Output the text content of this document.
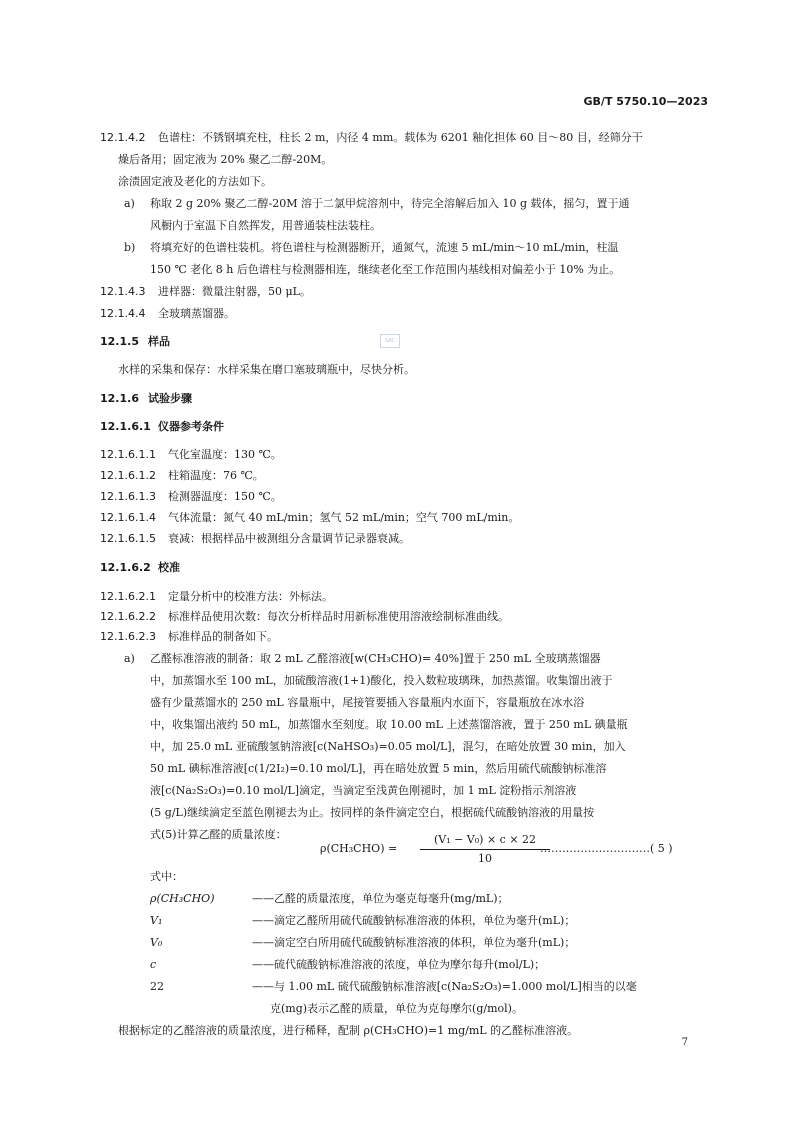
GB/T 5750.10—2023
SAC
12.1.4.2 色谱柱：不锈钢填充柱，柱长 2 m，内径 4 mm。载体为 6201 釉化担体 60 目～80 目，经筛分干
燥后备用；固定液为 20% 聚乙二醇-20M。
涂渍固定液及老化的方法如下。
a) 称取 2 g 20% 聚乙二醇-20M 溶于二氯甲烷溶剂中，待完全溶解后加入 10 g 载体，摇匀，置于通
风橱内于室温下自然挥发，用普通装柱法装柱。
b) 将填充好的色谱柱装机。将色谱柱与检测器断开，通氮气，流速 5 mL/min～10 mL/min，柱温
150 ℃ 老化 8 h 后色谱柱与检测器相连，继续老化至工作范围内基线相对偏差小于 10% 为止。
12.1.4.3 进样器：微量注射器，50 μL。
12.1.4.4 全玻璃蒸馏器。
12.1.5 样品
水样的采集和保存：水样采集在磨口塞玻璃瓶中，尽快分析。
12.1.6 试验步骤
12.1.6.1 仪器参考条件
12.1.6.1.1 气化室温度：130 ℃。
12.1.6.1.2 柱箱温度：76 ℃。
12.1.6.1.3 检测器温度：150 ℃。
12.1.6.1.4 气体流量：氮气 40 mL/min；氢气 52 mL/min；空气 700 mL/min。
12.1.6.1.5 衰减：根据样品中被测组分含量调节记录器衰减。
12.1.6.2 校准
12.1.6.2.1 定量分析中的校准方法：外标法。
12.1.6.2.2 标准样品使用次数：每次分析样品时用新标准使用溶液绘制标准曲线。
12.1.6.2.3 标准样品的制备如下。
a) 乙醛标准溶液的制备：取 2 mL 乙醛溶液[w(CH₃CHO)= 40%]置于 250 mL 全玻璃蒸馏器
中，加蒸馏水至 100 mL，加硫酸溶液(1+1)酸化，投入数粒玻璃珠，加热蒸馏。收集馏出液于
盛有少量蒸馏水的 250 mL 容量瓶中，尾接管要插入容量瓶内水面下，容量瓶放在冰水浴
中，收集馏出液约 50 mL，加蒸馏水至刻度。取 10.00 mL 上述蒸馏溶液，置于 250 mL 碘量瓶
中，加 25.0 mL 亚硫酸氢钠溶液[c(NaHSO₃)=0.05 mol/L]，混匀，在暗处放置 30 min，加入
50 mL 碘标准溶液[c(1/2I₂)=0.10 mol/L]，再在暗处放置 5 min，然后用硫代硫酸钠标准溶
液[c(Na₂S₂O₃)=0.10 mol/L]滴定，当滴定至浅黄色刚褪时，加 1 mL 淀粉指示剂溶液
(5 g/L)继续滴定至蓝色刚褪去为止。按同样的条件滴定空白，根据硫代硫酸钠溶液的用量按
式(5)计算乙醛的质量浓度：
ρ(CH₃CHO) =
(V₁ − V₀) × c × 22
10
…………………………( 5 )
式中：
ρ(CH₃CHO)	——乙醛的质量浓度，单位为毫克每毫升(mg/mL)；
V₁	——滴定乙醛所用硫代硫酸钠标准溶液的体积，单位为毫升(mL)；
V₀	——滴定空白所用硫代硫酸钠标准溶液的体积，单位为毫升(mL)；
c	——硫代硫酸钠标准溶液的浓度，单位为摩尔每升(mol/L)；
22	——与 1.00 mL 硫代硫酸钠标准溶液[c(Na₂S₂O₃)=1.000 mol/L]相当的以毫
克(mg)表示乙醛的质量，单位为克每摩尔(g/mol)。
根据标定的乙醛溶液的质量浓度，进行稀释，配制 ρ(CH₃CHO)=1 mg/mL 的乙醛标准溶液。
7
